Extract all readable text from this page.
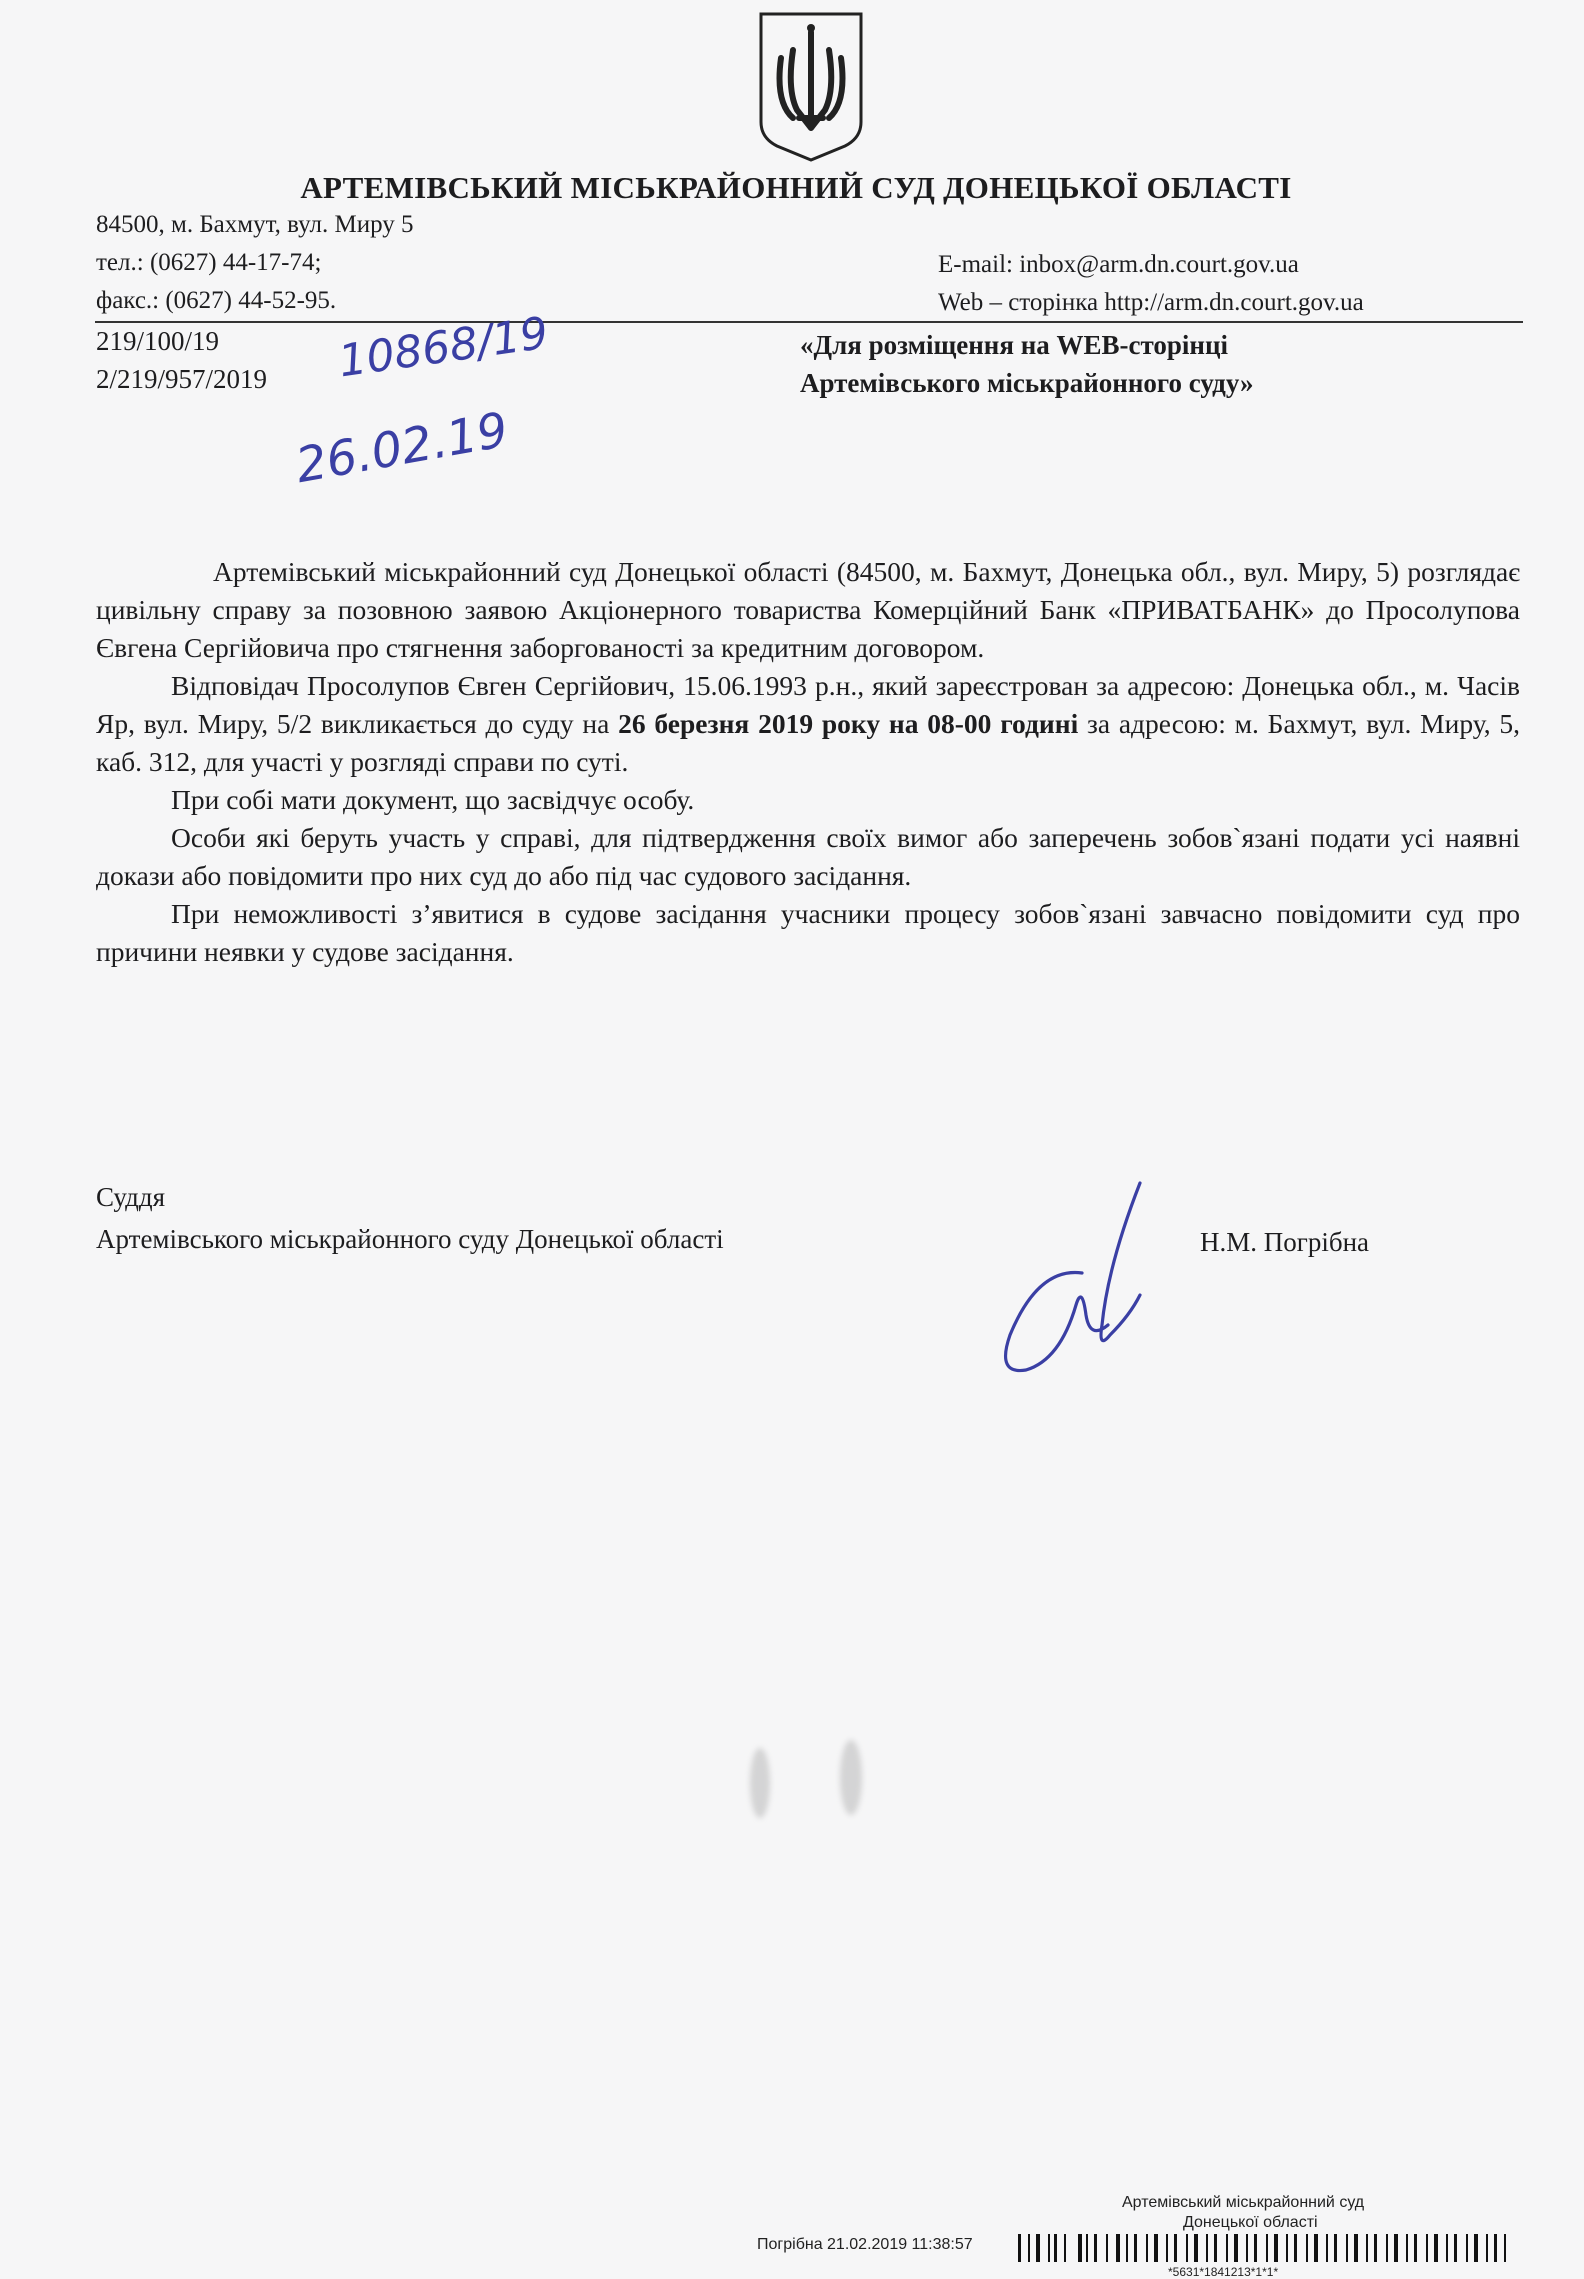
АРТЕМІВСЬКИЙ МІСЬКРАЙОННИЙ СУД ДОНЕЦЬКОЇ ОБЛАСТІ
84500, м. Бахмут, вул. Миру 5
тел.: (0627) 44-17-74;
факс.: (0627) 44-52-95.
E-mail: inbox@arm.dn.court.gov.ua
Web – сторінка http://arm.dn.court.gov.ua
219/100/19
2/219/957/2019 10868/19
26.02.19
«Для розміщення на WEB-сторінці
Артемівського міськрайонного суду»

Артемівський міськрайонний суд Донецької області (84500, м. Бахмут, Донецька обл., вул. Миру, 5) розглядає цивільну справу за позовною заявою Акціонерного товариства Комерційний Банк «ПРИВАТБАНК» до Просолупова Євгена Сергійовича про стягнення заборгованості за кредитним договором.

Відповідач Просолупов Євген Сергійович, 15.06.1993 р.н., який зареєстрован за адресою: Донецька обл., м. Часів Яр, вул. Миру, 5/2 викликається до суду на 26 березня 2019 року на 08-00 годині за адресою: м. Бахмут, вул. Миру, 5, каб. 312, для участі у розгляді справи по суті.

При собі мати документ, що засвідчує особу.

Особи які беруть участь у справі, для підтвердження своїх вимог або заперечень зобов`язані подати усі наявні докази або повідомити про них суд до або під час судового засідання.

При неможливості з’явитися в судове засідання учасники процесу зобов`язані завчасно повідомити суд про причини неявки у судове засідання.

Суддя
Артемівського міськрайонного суду Донецької області	Н.М. Погрібна
Артемівський міськрайонний суд
Донецької області
Погрібна 21.02.2019 11:38:57
*5631*1841213*1*1*
